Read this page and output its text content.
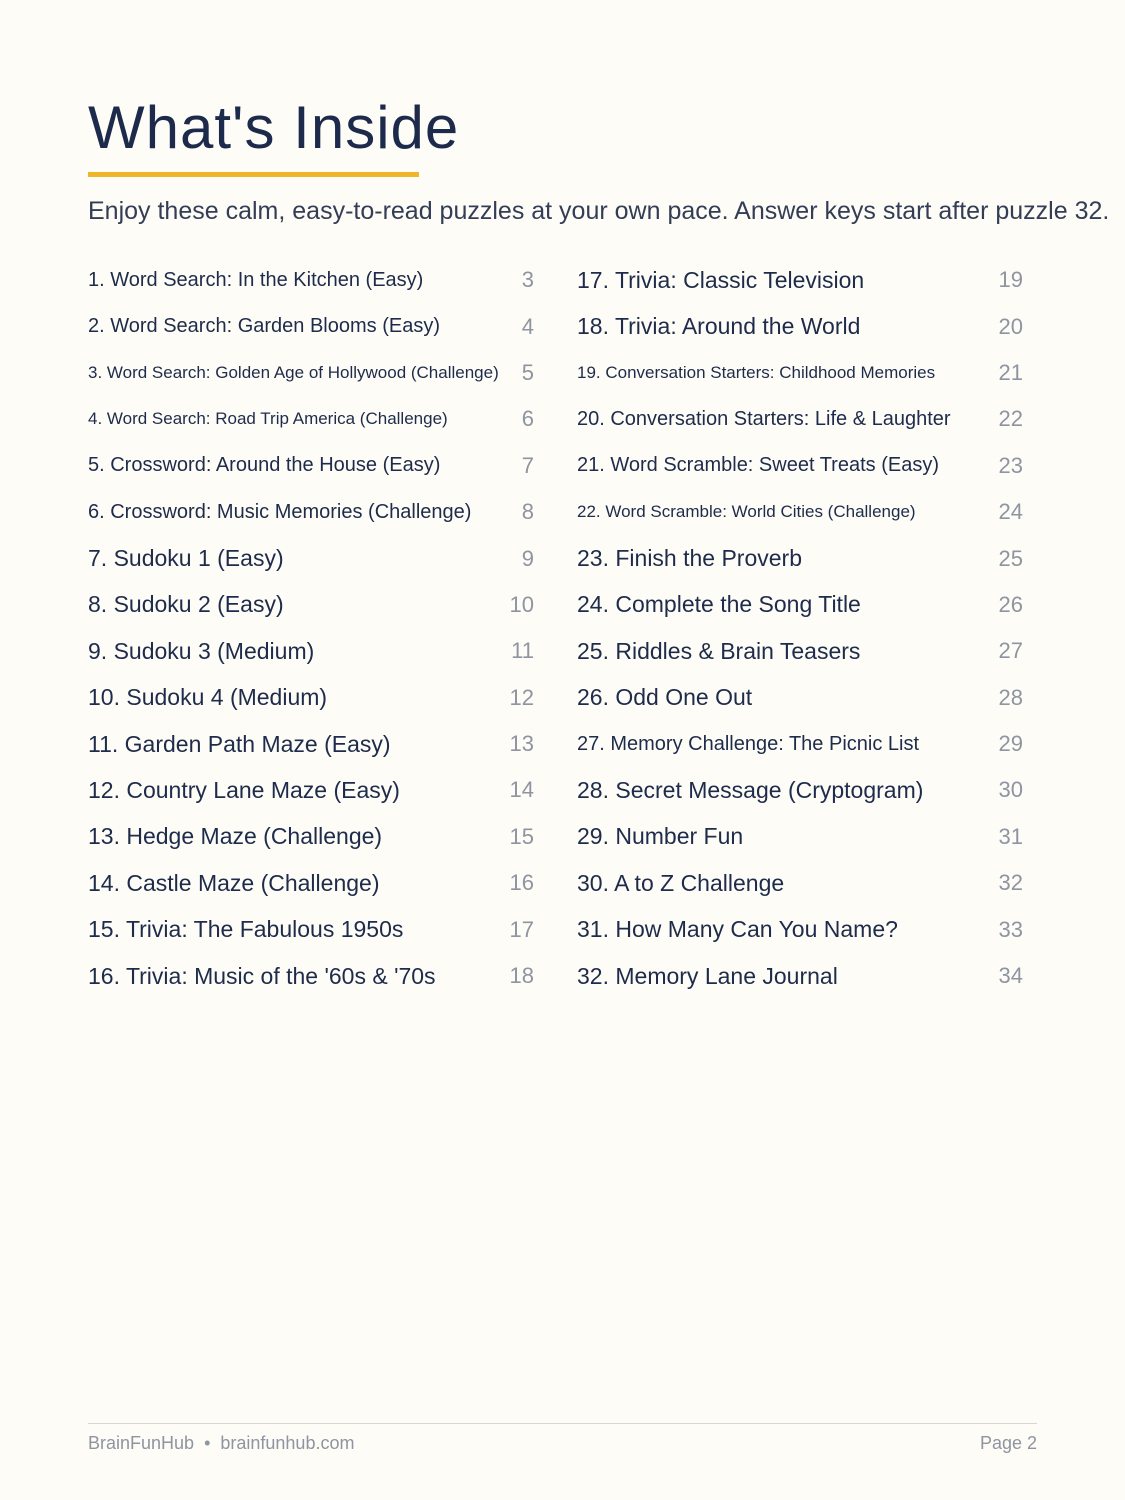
What's Inside

Enjoy these calm, easy-to-read puzzles at your own pace. Answer keys start after puzzle 32.

1. Word Search: In the Kitchen (Easy)	3
2. Word Search: Garden Blooms (Easy)	4
3. Word Search: Golden Age of Hollywood (Challenge) 5
4. Word Search: Road Trip America (Challenge)	6
5. Crossword: Around the House (Easy)	7
6. Crossword: Music Memories (Challenge) 8
7. Sudoku 1 (Easy)	9
8. Sudoku 2 (Easy)	10
9. Sudoku 3 (Medium)	11
10. Sudoku 4 (Medium)	12
11. Garden Path Maze (Easy)	13
12. Country Lane Maze (Easy)	14
13. Hedge Maze (Challenge)	15
14. Castle Maze (Challenge)	16
15. Trivia: The Fabulous 1950s	17
16. Trivia: Music of the '60s & '70s	18
17. Trivia: Classic Television	19
18. Trivia: Around the World	20
19. Conversation Starters: Childhood Memories	21
20. Conversation Starters: Life & Laughter 22
21. Word Scramble: Sweet Treats (Easy)	23
22. Word Scramble: World Cities (Challenge)	24
23. Finish the Proverb	25
24. Complete the Song Title	26
25. Riddles & Brain Teasers	27
26. Odd One Out	28
27. Memory Challenge: The Picnic List	29
28. Secret Message (Cryptogram)	30
29. Number Fun	31
30. A to Z Challenge	32
31. How Many Can You Name?	33
32. Memory Lane Journal	34
BrainFunHub • brainfunhub.com	Page 2
